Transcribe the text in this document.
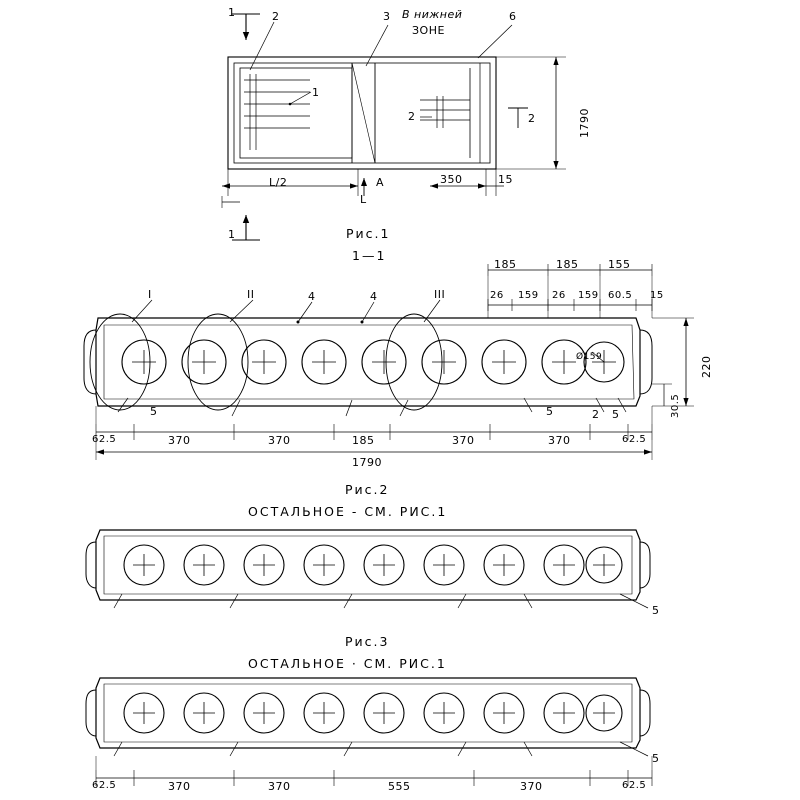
1	2	3 В нижней
ЗОНЕ
6
1
2
1
2
L/2
L
A	350	15
1790
Рис.1
1—1
185	185	155
26 159 26 159 60.5 15
I	II	III
4	4
Ø159	220
30.5
5	5	2 5
62.5	370	370	185	370	370	62.5
1790
Рис.2
ОСТАЛЬНОЕ - СМ. РИС.1
5
Рис.3
ОСТАЛЬНОЕ · СМ. РИС.1
5
62.5	370	370	555	370	62.5
